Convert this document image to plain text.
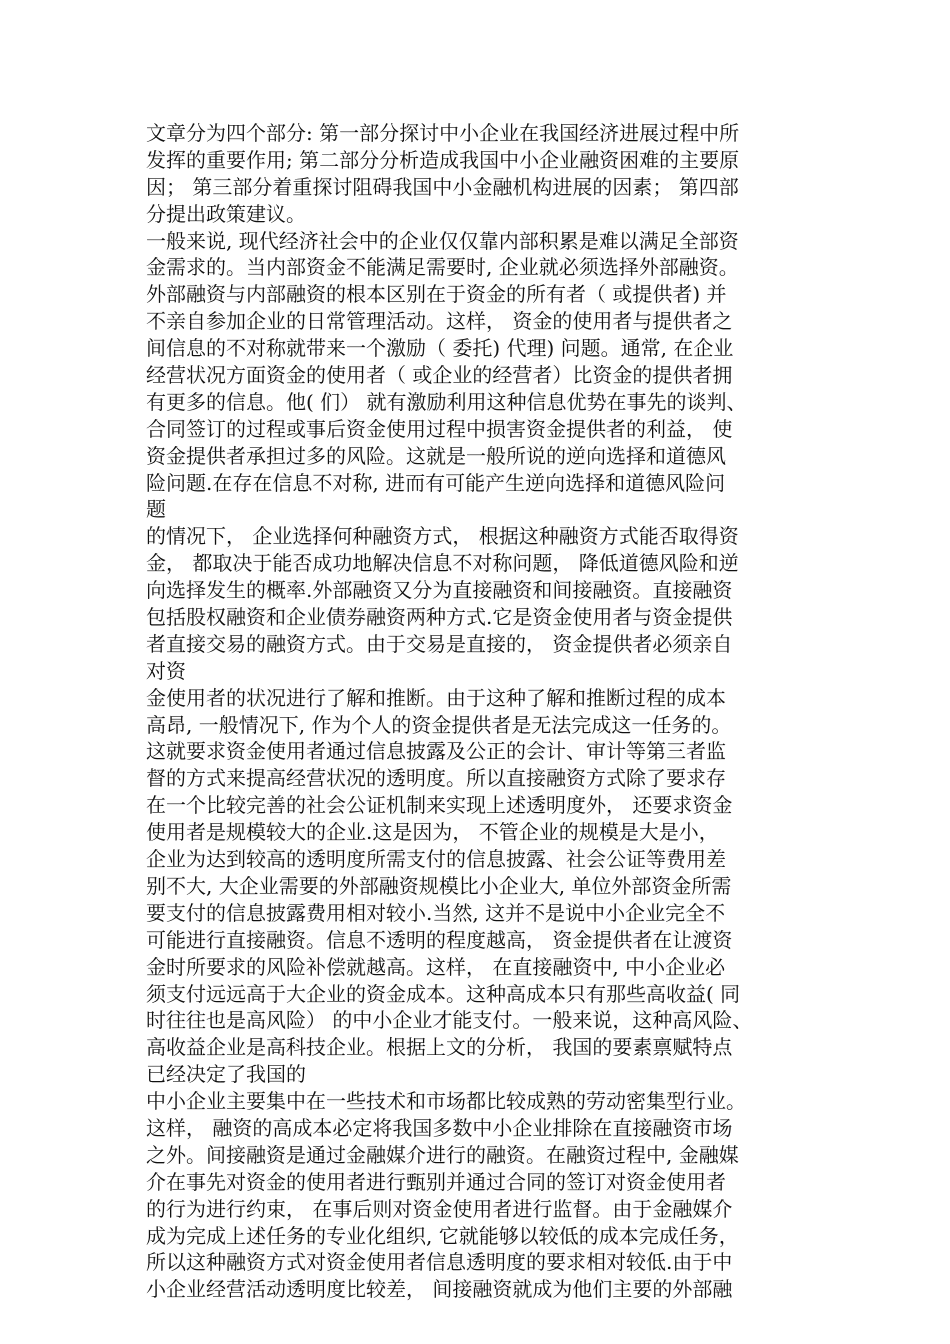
文章分为四个部分: 第一部分探讨中小企业在我国经济进展过程中所
发挥的重要作用; 第二部分分析造成我国中小企业融资困难的主要原
因； 第三部分着重探讨阻碍我国中小金融机构进展的因素； 第四部
分提出政策建议。
一般来说, 现代经济社会中的企业仅仅靠内部积累是难以满足全部资
金需求的。当内部资金不能满足需要时, 企业就必须选择外部融资。
外部融资与内部融资的根本区别在于资金的所有者（ 或提供者) 并
不亲自参加企业的日常管理活动。这样， 资金的使用者与提供者之
间信息的不对称就带来一个激励（ 委托) 代理) 问题。通常, 在企业
经营状况方面资金的使用者（ 或企业的经营者）比资金的提供者拥
有更多的信息。他( 们） 就有激励利用这种信息优势在事先的谈判、
合同签订的过程或事后资金使用过程中损害资金提供者的利益， 使
资金提供者承担过多的风险。这就是一般所说的逆向选择和道德风
险问题.在存在信息不对称, 进而有可能产生逆向选择和道德风险问
题
的情况下， 企业选择何种融资方式， 根据这种融资方式能否取得资
金， 都取决于能否成功地解决信息不对称问题， 降低道德风险和逆
向选择发生的概率.外部融资又分为直接融资和间接融资。直接融资
包括股权融资和企业债券融资两种方式.它是资金使用者与资金提供
者直接交易的融资方式。由于交易是直接的， 资金提供者必须亲自
对资
金使用者的状况进行了解和推断。由于这种了解和推断过程的成本
高昂, 一般情况下, 作为个人的资金提供者是无法完成这一任务的。
这就要求资金使用者通过信息披露及公正的会计、审计等第三者监
督的方式来提高经营状况的透明度。所以直接融资方式除了要求存
在一个比较完善的社会公证机制来实现上述透明度外， 还要求资金
使用者是规模较大的企业.这是因为， 不管企业的规模是大是小，
企业为达到较高的透明度所需支付的信息披露、社会公证等费用差
别不大, 大企业需要的外部融资规模比小企业大, 单位外部资金所需
要支付的信息披露费用相对较小.当然, 这并不是说中小企业完全不
可能进行直接融资。信息不透明的程度越高， 资金提供者在让渡资
金时所要求的风险补偿就越高。这样， 在直接融资中, 中小企业必
须支付远远高于大企业的资金成本。这种高成本只有那些高收益( 同
时往往也是高风险） 的中小企业才能支付。一般来说，这种高风险、
高收益企业是高科技企业。根据上文的分析， 我国的要素禀赋特点
已经决定了我国的
中小企业主要集中在一些技术和市场都比较成熟的劳动密集型行业。
这样， 融资的高成本必定将我国多数中小企业排除在直接融资市场
之外。间接融资是通过金融媒介进行的融资。在融资过程中, 金融媒
介在事先对资金的使用者进行甄别并通过合同的签订对资金使用者
的行为进行约束， 在事后则对资金使用者进行监督。由于金融媒介
成为完成上述任务的专业化组织, 它就能够以较低的成本完成任务，
所以这种融资方式对资金使用者信息透明度的要求相对较低.由于中
小企业经营活动透明度比较差， 间接融资就成为他们主要的外部融
